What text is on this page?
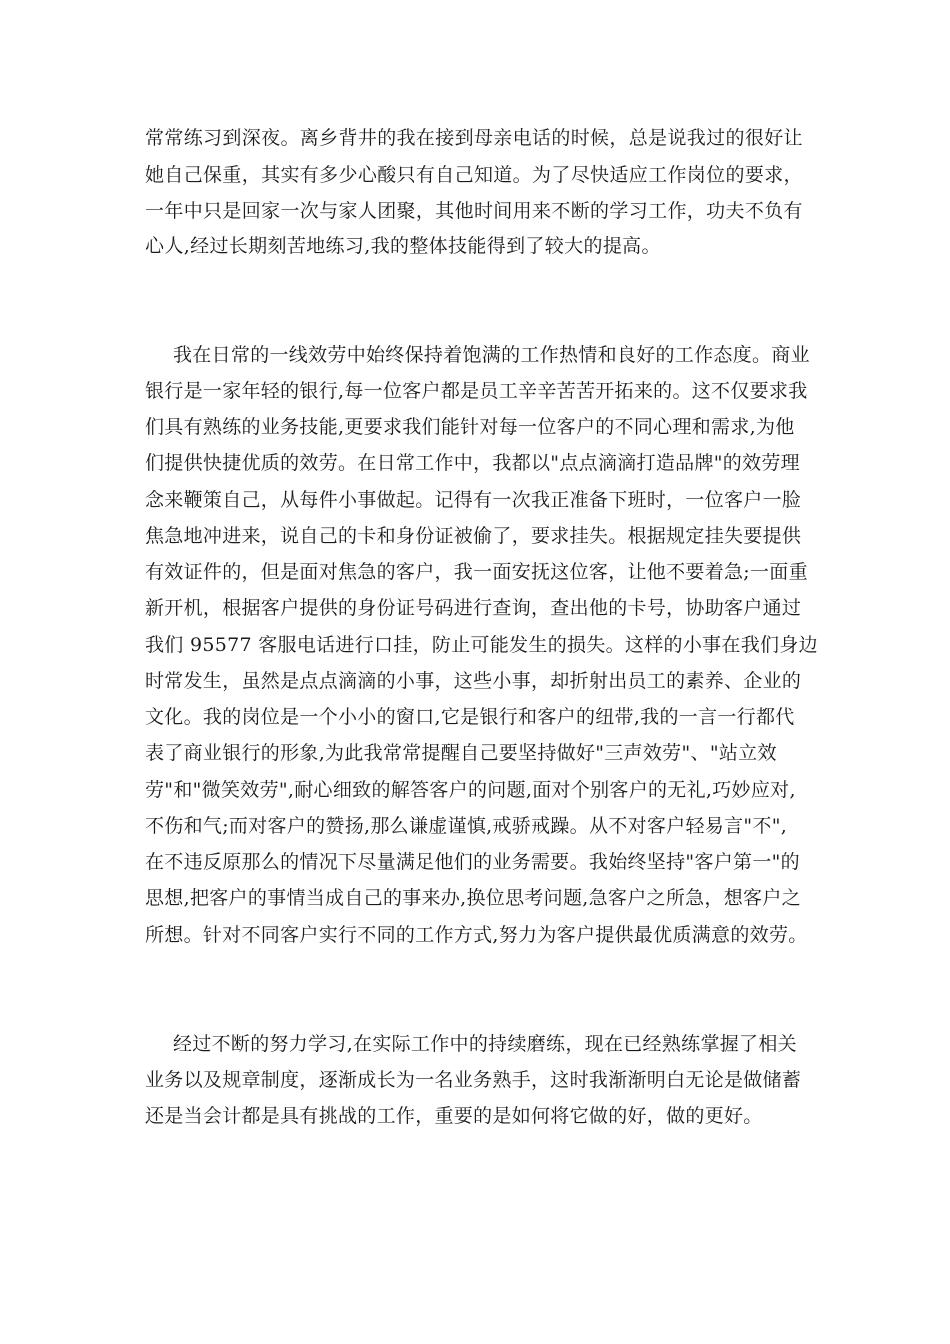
常常练习到深夜。离乡背井的我在接到母亲电话的时候，总是说我过的很好让
她自己保重，其实有多少心酸只有自己知道。为了尽快适应工作岗位的要求，
一年中只是回家一次与家人团聚，其他时间用来不断的学习工作，功夫不负有
心人,经过长期刻苦地练习,我的整体技能得到了较大的提高。
我在日常的一线效劳中始终保持着饱满的工作热情和良好的工作态度。商业
银行是一家年轻的银行,每一位客户都是员工辛辛苦苦开拓来的。这不仅要求我
们具有熟练的业务技能,更要求我们能针对每一位客户的不同心理和需求,为他
们提供快捷优质的效劳。在日常工作中，我都以"点点滴滴打造品牌"的效劳理
念来鞭策自己，从每件小事做起。记得有一次我正准备下班时，一位客户一脸
焦急地冲进来，说自己的卡和身份证被偷了，要求挂失。根据规定挂失要提供
有效证件的，但是面对焦急的客户，我一面安抚这位客，让他不要着急;一面重
新开机，根据客户提供的身份证号码进行查询，查出他的卡号，协助客户通过
我们 95577 客服电话进行口挂，防止可能发生的损失。这样的小事在我们身边
时常发生，虽然是点点滴滴的小事，这些小事，却折射出员工的素养、企业的
文化。我的岗位是一个小小的窗口,它是银行和客户的纽带,我的一言一行都代
表了商业银行的形象,为此我常常提醒自己要坚持做好"三声效劳"、"站立效
劳"和"微笑效劳",耐心细致的解答客户的问题,面对个别客户的无礼,巧妙应对,
不伤和气;而对客户的赞扬,那么谦虚谨慎,戒骄戒躁。从不对客户轻易言"不",
在不违反原那么的情况下尽量满足他们的业务需要。我始终坚持"客户第一"的
思想,把客户的事情当成自己的事来办,换位思考问题,急客户之所急，想客户之
所想。针对不同客户实行不同的工作方式,努力为客户提供最优质满意的效劳。
经过不断的努力学习,在实际工作中的持续磨练，现在已经熟练掌握了相关
业务以及规章制度，逐渐成长为一名业务熟手，这时我渐渐明白无论是做储蓄
还是当会计都是具有挑战的工作，重要的是如何将它做的好，做的更好。
